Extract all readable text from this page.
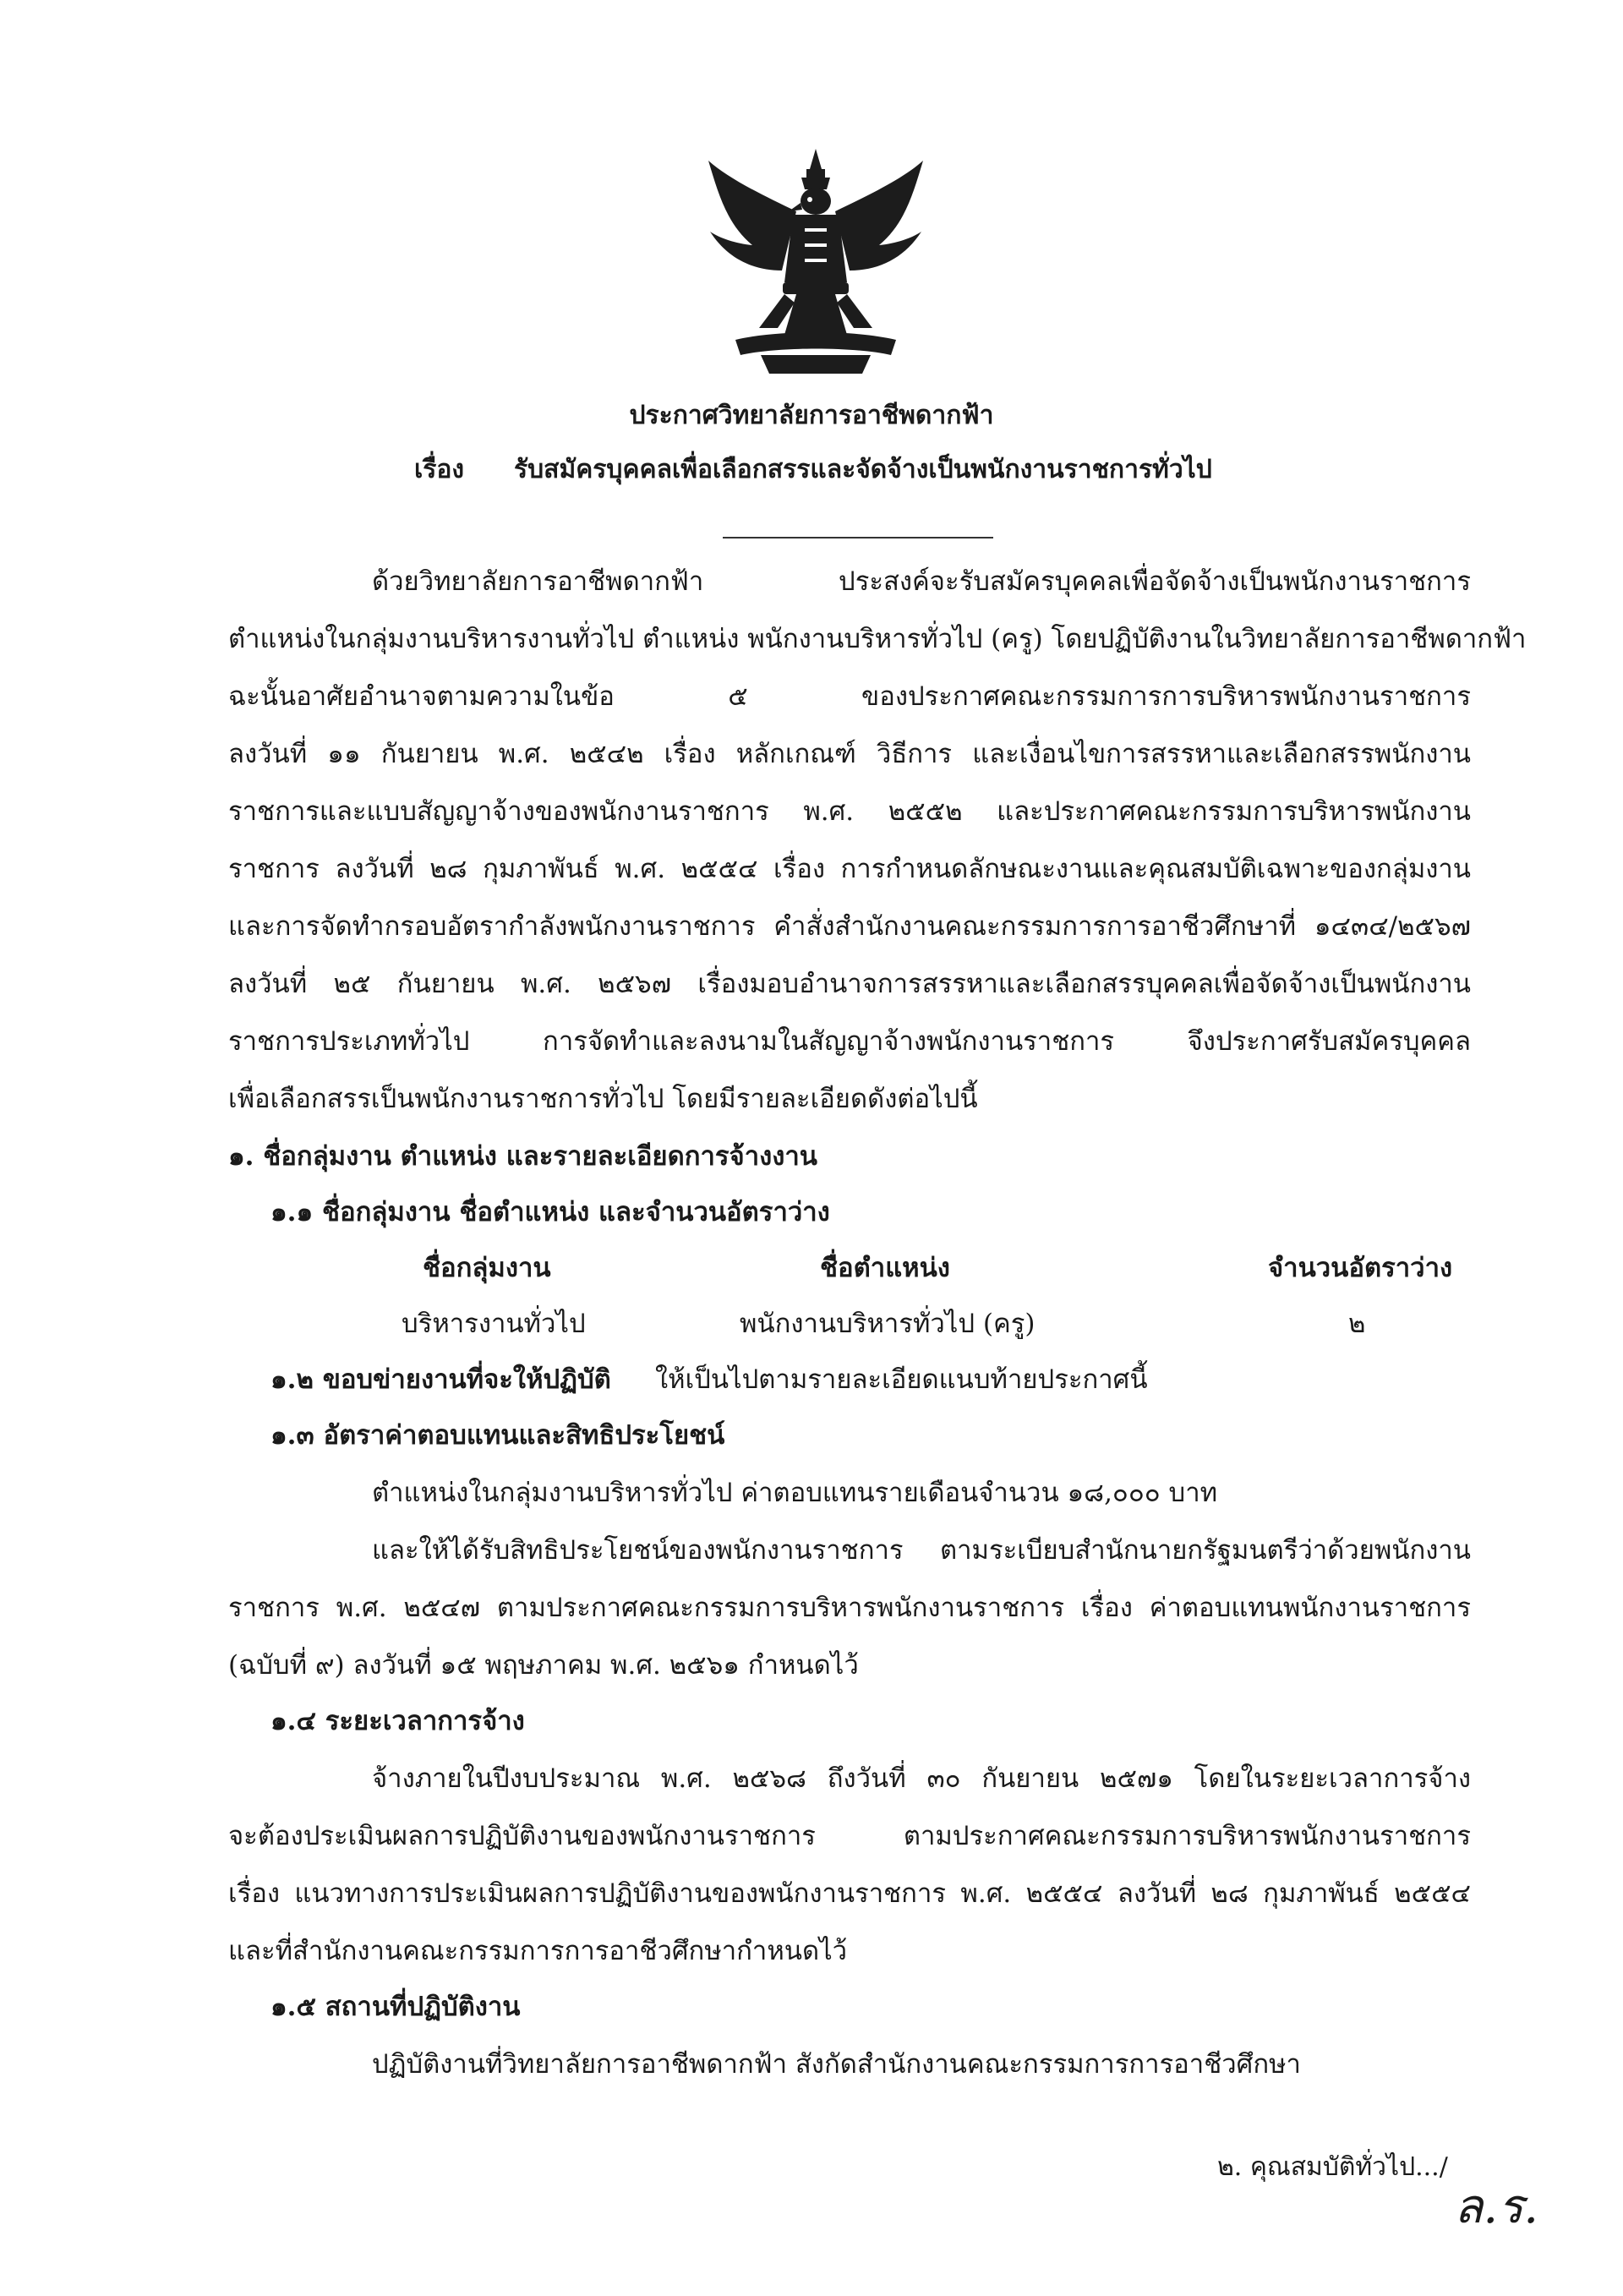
ประกาศวิทยาลัยการอาชีพดากฟ้า
เรื่อง รับสมัครบุคคลเพื่อเลือกสรรและจัดจ้างเป็นพนักงานราชการทั่วไป
ด้วยวิทยาลัยการอาชีพดากฟ้า ประสงค์จะรับสมัครบุคคลเพื่อจัดจ้างเป็นพนักงานราชการ
ตำแหน่งในกลุ่มงานบริหารงานทั่วไป ตำแหน่ง พนักงานบริหารทั่วไป (ครู) โดยปฏิบัติงานในวิทยาลัยการอาชีพดากฟ้า
ฉะนั้นอาศัยอำนาจตามความในข้อ ๕ ของประกาศคณะกรรมการการบริหารพนักงานราชการ
ลงวันที่ ๑๑ กันยายน พ.ศ. ๒๕๔๒ เรื่อง หลักเกณฑ์ วิธีการ และเงื่อนไขการสรรหาและเลือกสรรพนักงาน
ราชการและแบบสัญญาจ้างของพนักงานราชการ พ.ศ. ๒๕๕๒ และประกาศคณะกรรมการบริหารพนักงาน
ราชการ ลงวันที่ ๒๘ กุมภาพันธ์ พ.ศ. ๒๕๕๔ เรื่อง การกำหนดลักษณะงานและคุณสมบัติเฉพาะของกลุ่มงาน
และการจัดทำกรอบอัตรากำลังพนักงานราชการ คำสั่งสำนักงานคณะกรรมการการอาชีวศึกษาที่ ๑๔๓๔/๒๕๖๗
ลงวันที่ ๒๕ กันยายน พ.ศ. ๒๕๖๗ เรื่องมอบอำนาจการสรรหาและเลือกสรรบุคคลเพื่อจัดจ้างเป็นพนักงาน
ราชการประเภททั่วไป การจัดทำและลงนามในสัญญาจ้างพนักงานราชการ จึงประกาศรับสมัครบุคคล
เพื่อเลือกสรรเป็นพนักงานราชการทั่วไป โดยมีรายละเอียดดังต่อไปนี้
๑. ชื่อกลุ่มงาน ตำแหน่ง และรายละเอียดการจ้างงาน
๑.๑ ชื่อกลุ่มงาน ชื่อตำแหน่ง และจำนวนอัตราว่าง
ชื่อกลุ่มงาน	ชื่อตำแหน่ง	จำนวนอัตราว่าง
บริหารงานทั่วไป	พนักงานบริหารทั่วไป (ครู)	๒
๑.๒ ขอบข่ายงานที่จะให้ปฏิบัติ ให้เป็นไปตามรายละเอียดแนบท้ายประกาศนี้
๑.๓ อัตราค่าตอบแทนและสิทธิประโยชน์
ตำแหน่งในกลุ่มงานบริหารทั่วไป ค่าตอบแทนรายเดือนจำนวน ๑๘,๐๐๐ บาท
และให้ได้รับสิทธิประโยชน์ของพนักงานราชการ ตามระเบียบสำนักนายกรัฐมนตรีว่าด้วยพนักงาน
ราชการ พ.ศ. ๒๕๔๗ ตามประกาศคณะกรรมการบริหารพนักงานราชการ เรื่อง ค่าตอบแทนพนักงานราชการ
(ฉบับที่ ๙) ลงวันที่ ๑๕ พฤษภาคม พ.ศ. ๒๕๖๑ กำหนดไว้
๑.๔ ระยะเวลาการจ้าง
จ้างภายในปีงบประมาณ พ.ศ. ๒๕๖๘ ถึงวันที่ ๓๐ กันยายน ๒๕๗๑ โดยในระยะเวลาการจ้าง
จะต้องประเมินผลการปฏิบัติงานของพนักงานราชการ ตามประกาศคณะกรรมการบริหารพนักงานราชการ
เรื่อง แนวทางการประเมินผลการปฏิบัติงานของพนักงานราชการ พ.ศ. ๒๕๕๔ ลงวันที่ ๒๘ กุมภาพันธ์ ๒๕๕๔
และที่สำนักงานคณะกรรมการการอาชีวศึกษากำหนดไว้
๑.๕ สถานที่ปฏิบัติงาน
ปฏิบัติงานที่วิทยาลัยการอาชีพดากฟ้า สังกัดสำนักงานคณะกรรมการการอาชีวศึกษา
๒. คุณสมบัติทั่วไป.../
ล.ร.
